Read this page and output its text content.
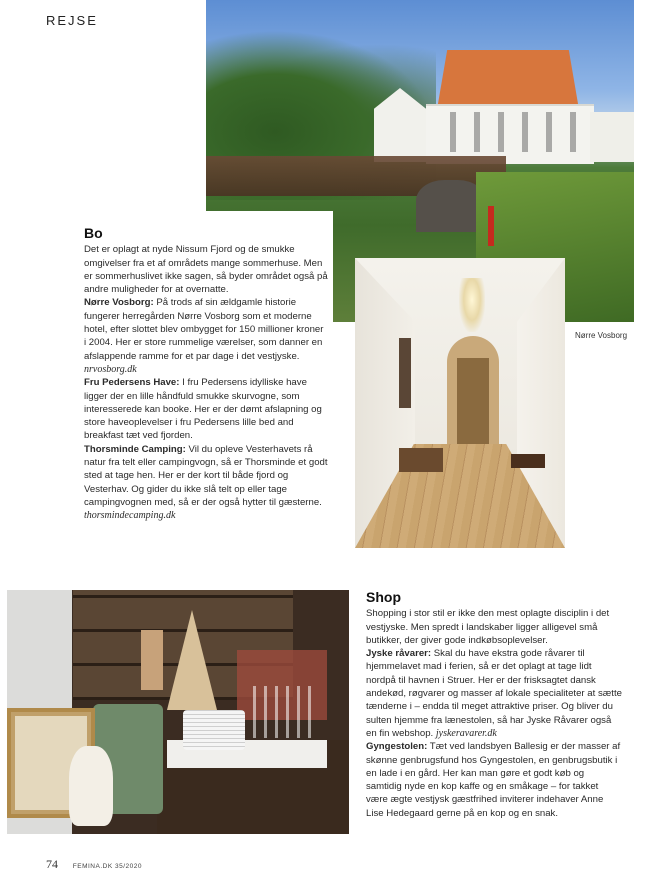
REJSE
Nørre Vosborg
Bo

Det er oplagt at nyde Nissum Fjord og de smukke omgivelser fra et af områdets mange sommerhuse. Men er sommerhuslivet ikke sagen, så byder området også på andre muligheder for at overnatte.

Nørre Vosborg: På trods af sin ældgamle historie fungerer herregården Nørre Vosborg som et moderne hotel, efter slottet blev ombygget for 150 millioner kroner i 2004. Her er store rummelige værelser, som danner en afslappende ramme for et par dage i det vestjyske. nrvosborg.dk

Fru Pedersens Have: I fru Pedersens idylliske have ligger der en lille håndfuld smukke skurvogne, som interesserede kan booke. Her er der dømt afslapning og store haveoplevelser i fru Pedersens lille bed and breakfast tæt ved fjorden.

Thorsminde Camping: Vil du opleve Vesterhavets rå natur fra telt eller campingvogn, så er Thorsminde et godt sted at tage hen. Her er der kort til både fjord og Vesterhav. Og gider du ikke slå telt op eller tage campingvognen med, så er der også hytter til gæsterne. thorsmindecamping.dk

Shop

Shopping i stor stil er ikke den mest oplagte disciplin i det vestjyske. Men spredt i landskaber ligger alligevel små butikker, der giver gode indkøbsoplevelser.

Jyske råvarer: Skal du have ekstra gode råvarer til hjemmelavet mad i ferien, så er det oplagt at tage lidt nordpå til havnen i Struer. Her er der frisksagtet dansk andekød, røgvarer og masser af lokale specialiteter at sætte tænderne i – endda til meget attraktive priser. Og bliver du sulten hjemme fra lænestolen, så har Jyske Råvarer også en fin webshop. jyskeravarer.dk

Gyngestolen: Tæt ved landsbyen Ballesig er der masser af skønne genbrugsfund hos Gyngestolen, en genbrugsbutik i en lade i en gård. Her kan man gøre et godt køb og samtidig nyde en kop kaffe og en småkage – for takket være ægte vestjysk gæstfrihed inviterer indehaver Anne Lise Hedegaard gerne på en kop og en snak.

74 FEMINA.DK 35/2020
